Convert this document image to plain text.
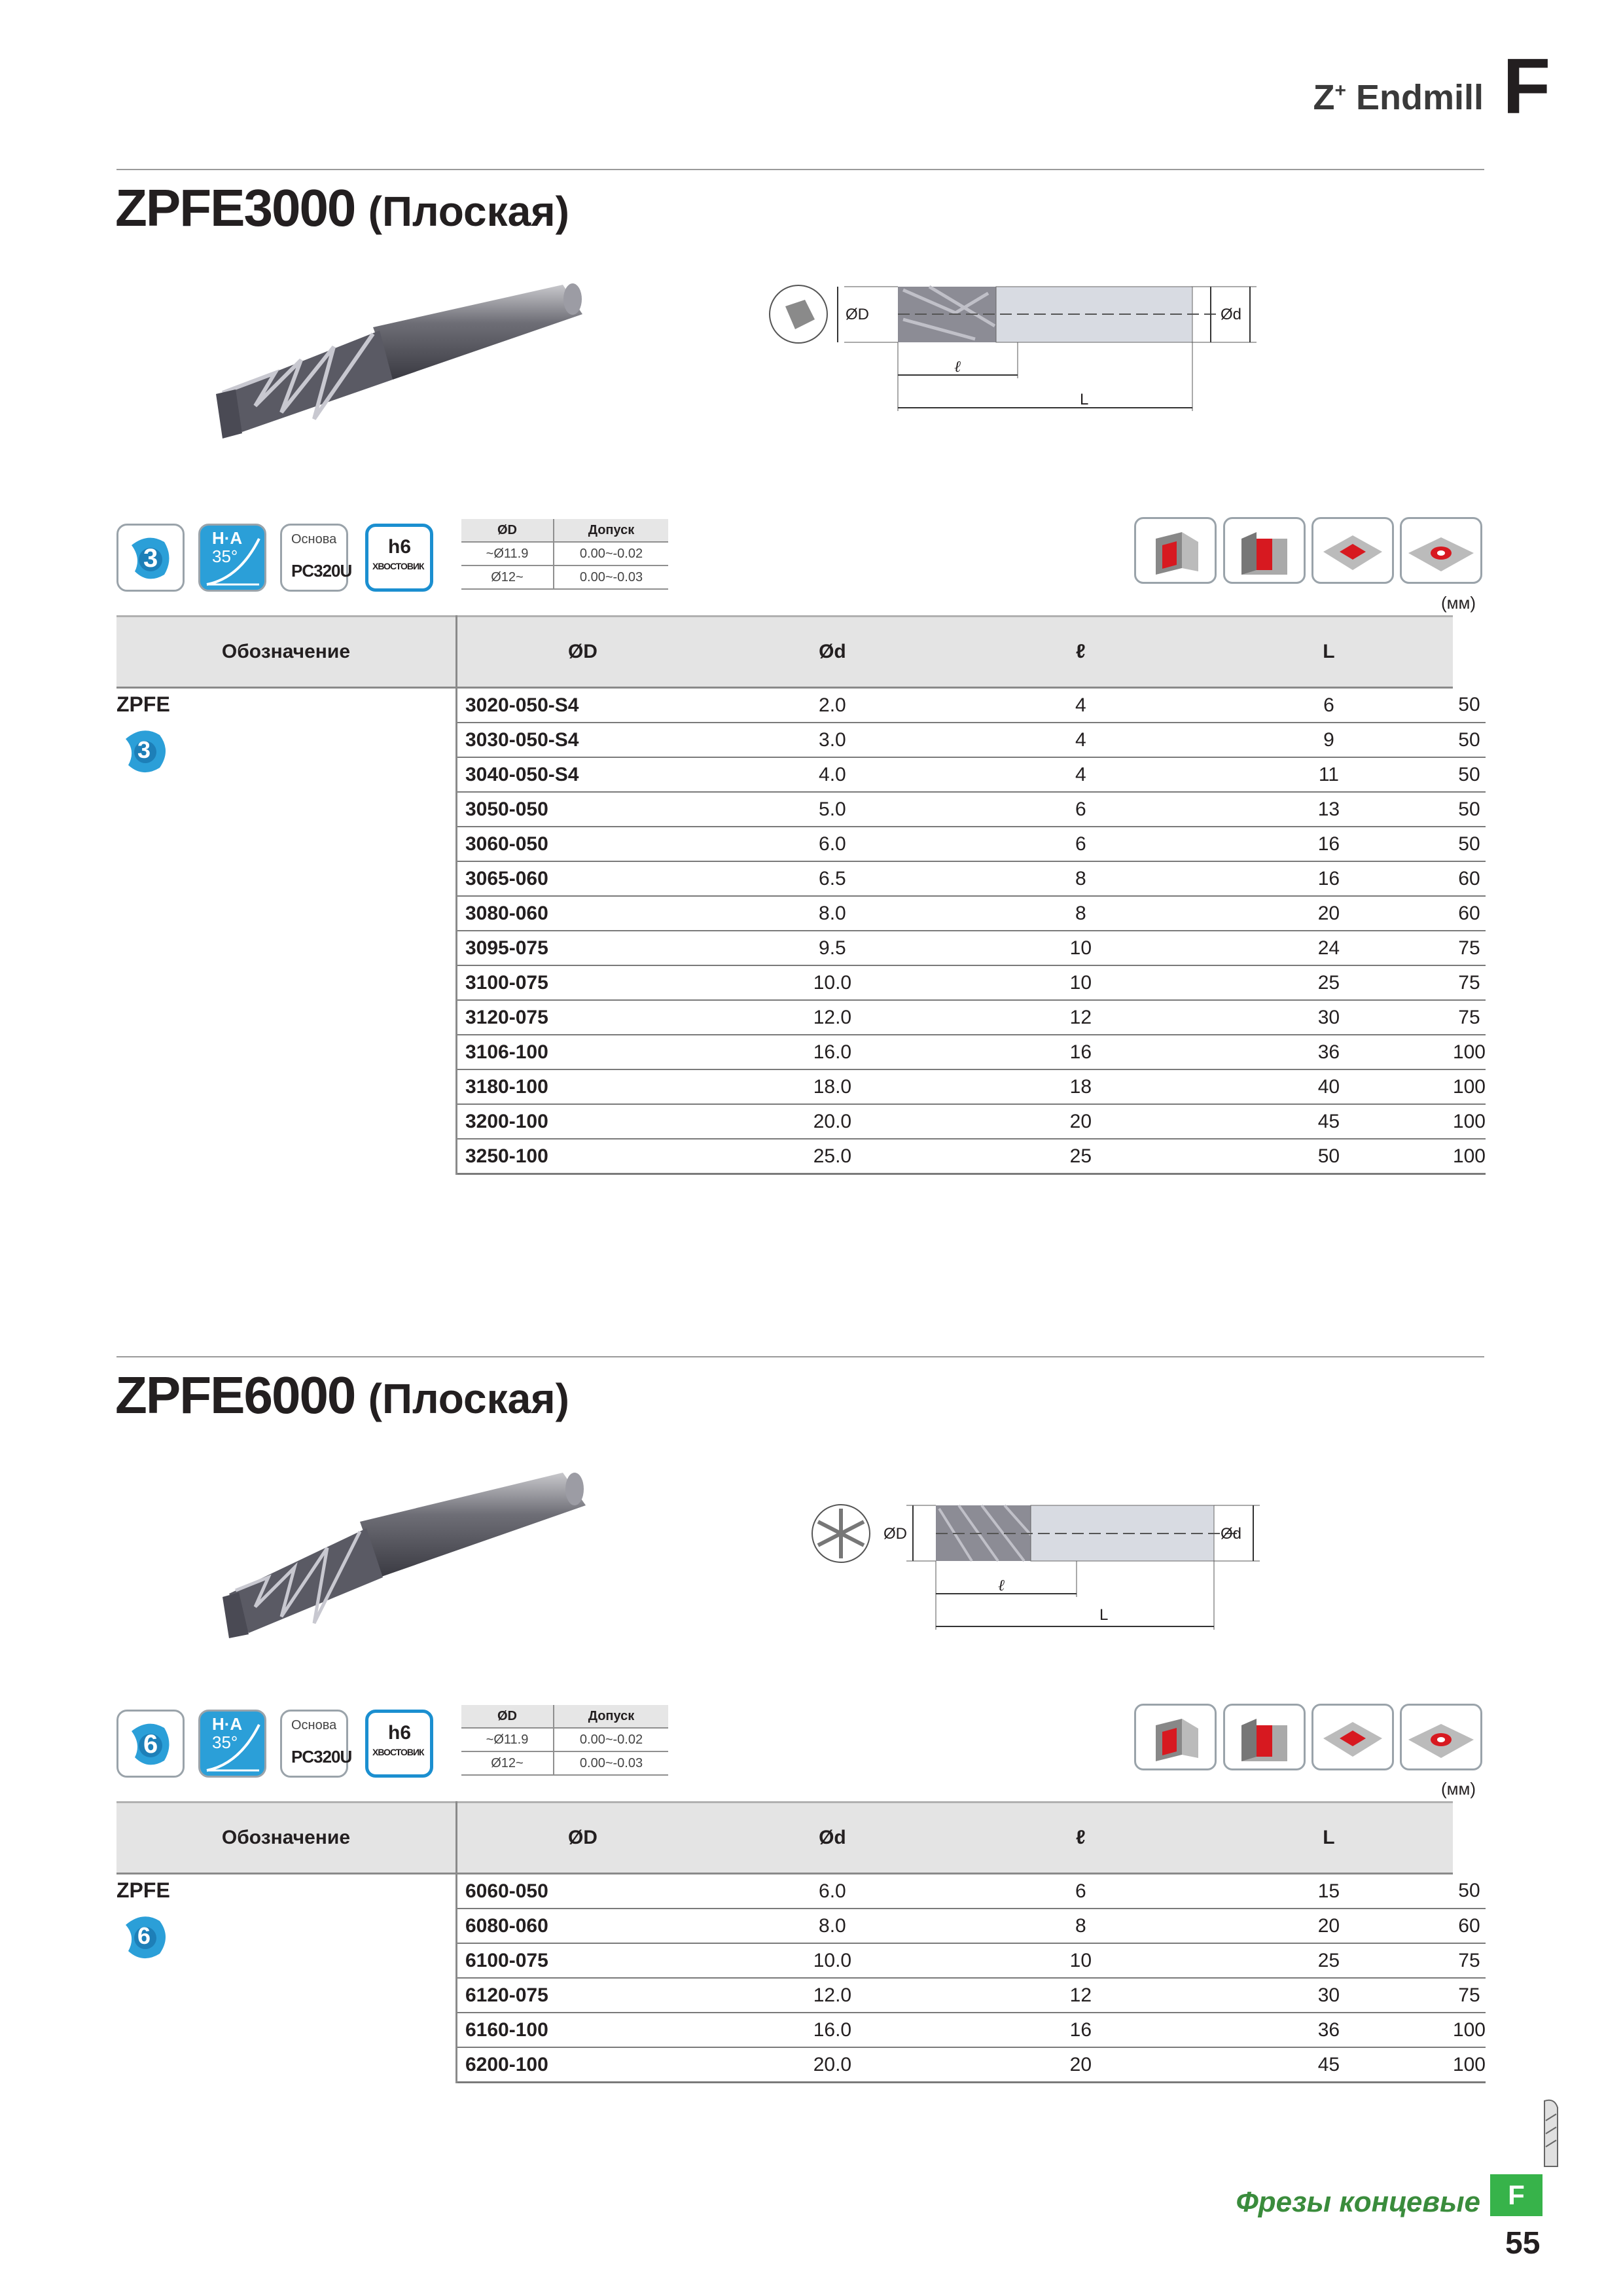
Z+ Endmill F
ZPFE3000 (Плоская)
ØD	Ød
ℓ
L
3
H·A
35°
Основа
PC320U
h6
ХВОСТОВИК
ØD	Допуск
~Ø11.9	0.00~-0.02
Ø12~	0.00~-0.03
(мм)
Обозначение	ØD	Ød	ℓ	L	

ZPFE
3	3020-050-S4	2.0	4	6	50
	3030-050-S4	3.0	4	9	50
	3040-050-S4	4.0	4	11	50
	3050-050	5.0	6	13	50
	3060-050	6.0	6	16	50
	3065-060	6.5	8	16	60
	3080-060	8.0	8	20	60
	3095-075	9.5	10	24	75
	3100-075	10.0	10	25	75
	3120-075	12.0	12	30	75
	3106-100	16.0	16	36	100
	3180-100	18.0	18	40	100
	3200-100	20.0	20	45	100
	3250-100	25.0	25	50	100
ZPFE6000 (Плоская)
ØD	Ød
ℓ
L
6
H·A
35°
Основа
PC320U
h6
ХВОСТОВИК
ØD	Допуск
~Ø11.9	0.00~-0.02
Ø12~	0.00~-0.03
(мм)
Обозначение	ØD	Ød	ℓ	L	

ZPFE
6	6060-050	6.0	6	15	50
	6080-060	8.0	8	20	60
	6100-075	10.0	10	25	75
	6120-075	12.0	12	30	75
	6160-100	16.0	16	36	100
	6200-100	20.0	20	45	100
Фрезы концевые	F
55
